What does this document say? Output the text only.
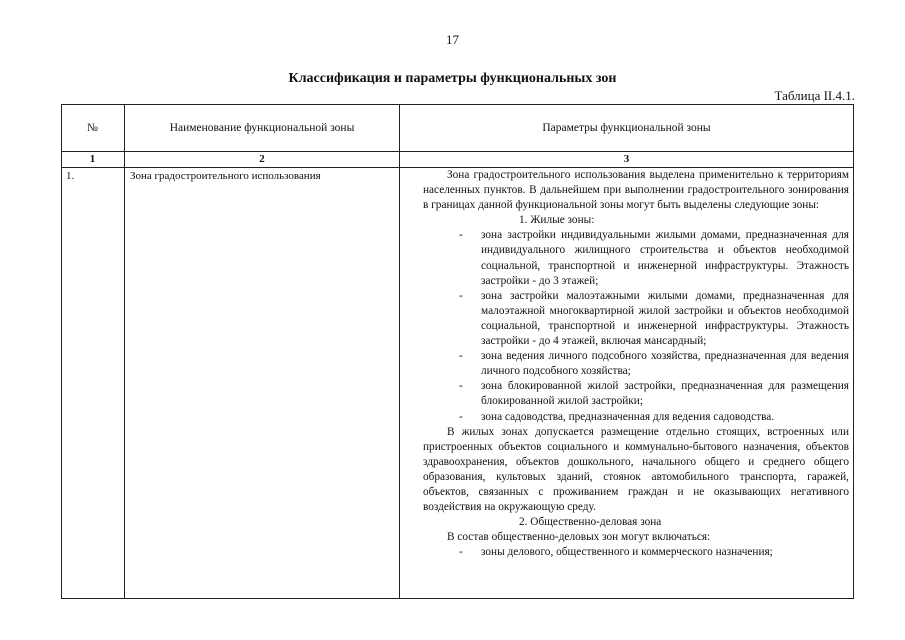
17
Классификация и параметры функциональных зон
Таблица II.4.1.
№	Наименование функциональной зоны	Параметры функциональной зоны
1	2	3
1.	Зона градостроительного использования	Зона градостроительного использования выделена применительно к территориям населенных пунктов. В дальнейшем при выполнении градостроительного зонирования в границах данной функциональной зоны могут быть выделены следующие зоны:

1. Жилые зоны:

- зона застройки индивидуальными жилыми домами, предназначенная для индивидуального жилищного строительства и объектов необходимой социальной, транспортной и инженерной инфраструктуры. Этажность застройки - до 3 этажей;
- зона застройки малоэтажными жилыми домами, предназначенная для малоэтажной многоквартирной жилой застройки и объектов необходимой социальной, транспортной и инженерной инфраструктуры. Этажность застройки - до 4 этажей, включая мансардный;
- зона ведения личного подсобного хозяйства, предназначенная для ведения личного подсобного хозяйства;
- зона блокированной жилой застройки, предназначенная для размещения блокированной жилой застройки;
- зона садоводства, предназначенная для ведения садоводства.

В жилых зонах допускается размещение отдельно стоящих, встроенных или пристроенных объектов социального и коммунально-бытового назначения, объектов здравоохранения, объектов дошкольного, начального общего и среднего общего образования, культовых зданий, стоянок автомобильного транспорта, гаражей, объектов, связанных с проживанием граждан и не оказывающих негативного воздействия на окружающую среду.

2. Общественно-деловая зона

В состав общественно-деловых зон могут включаться:

- зоны делового, общественного и коммерческого назначения;
